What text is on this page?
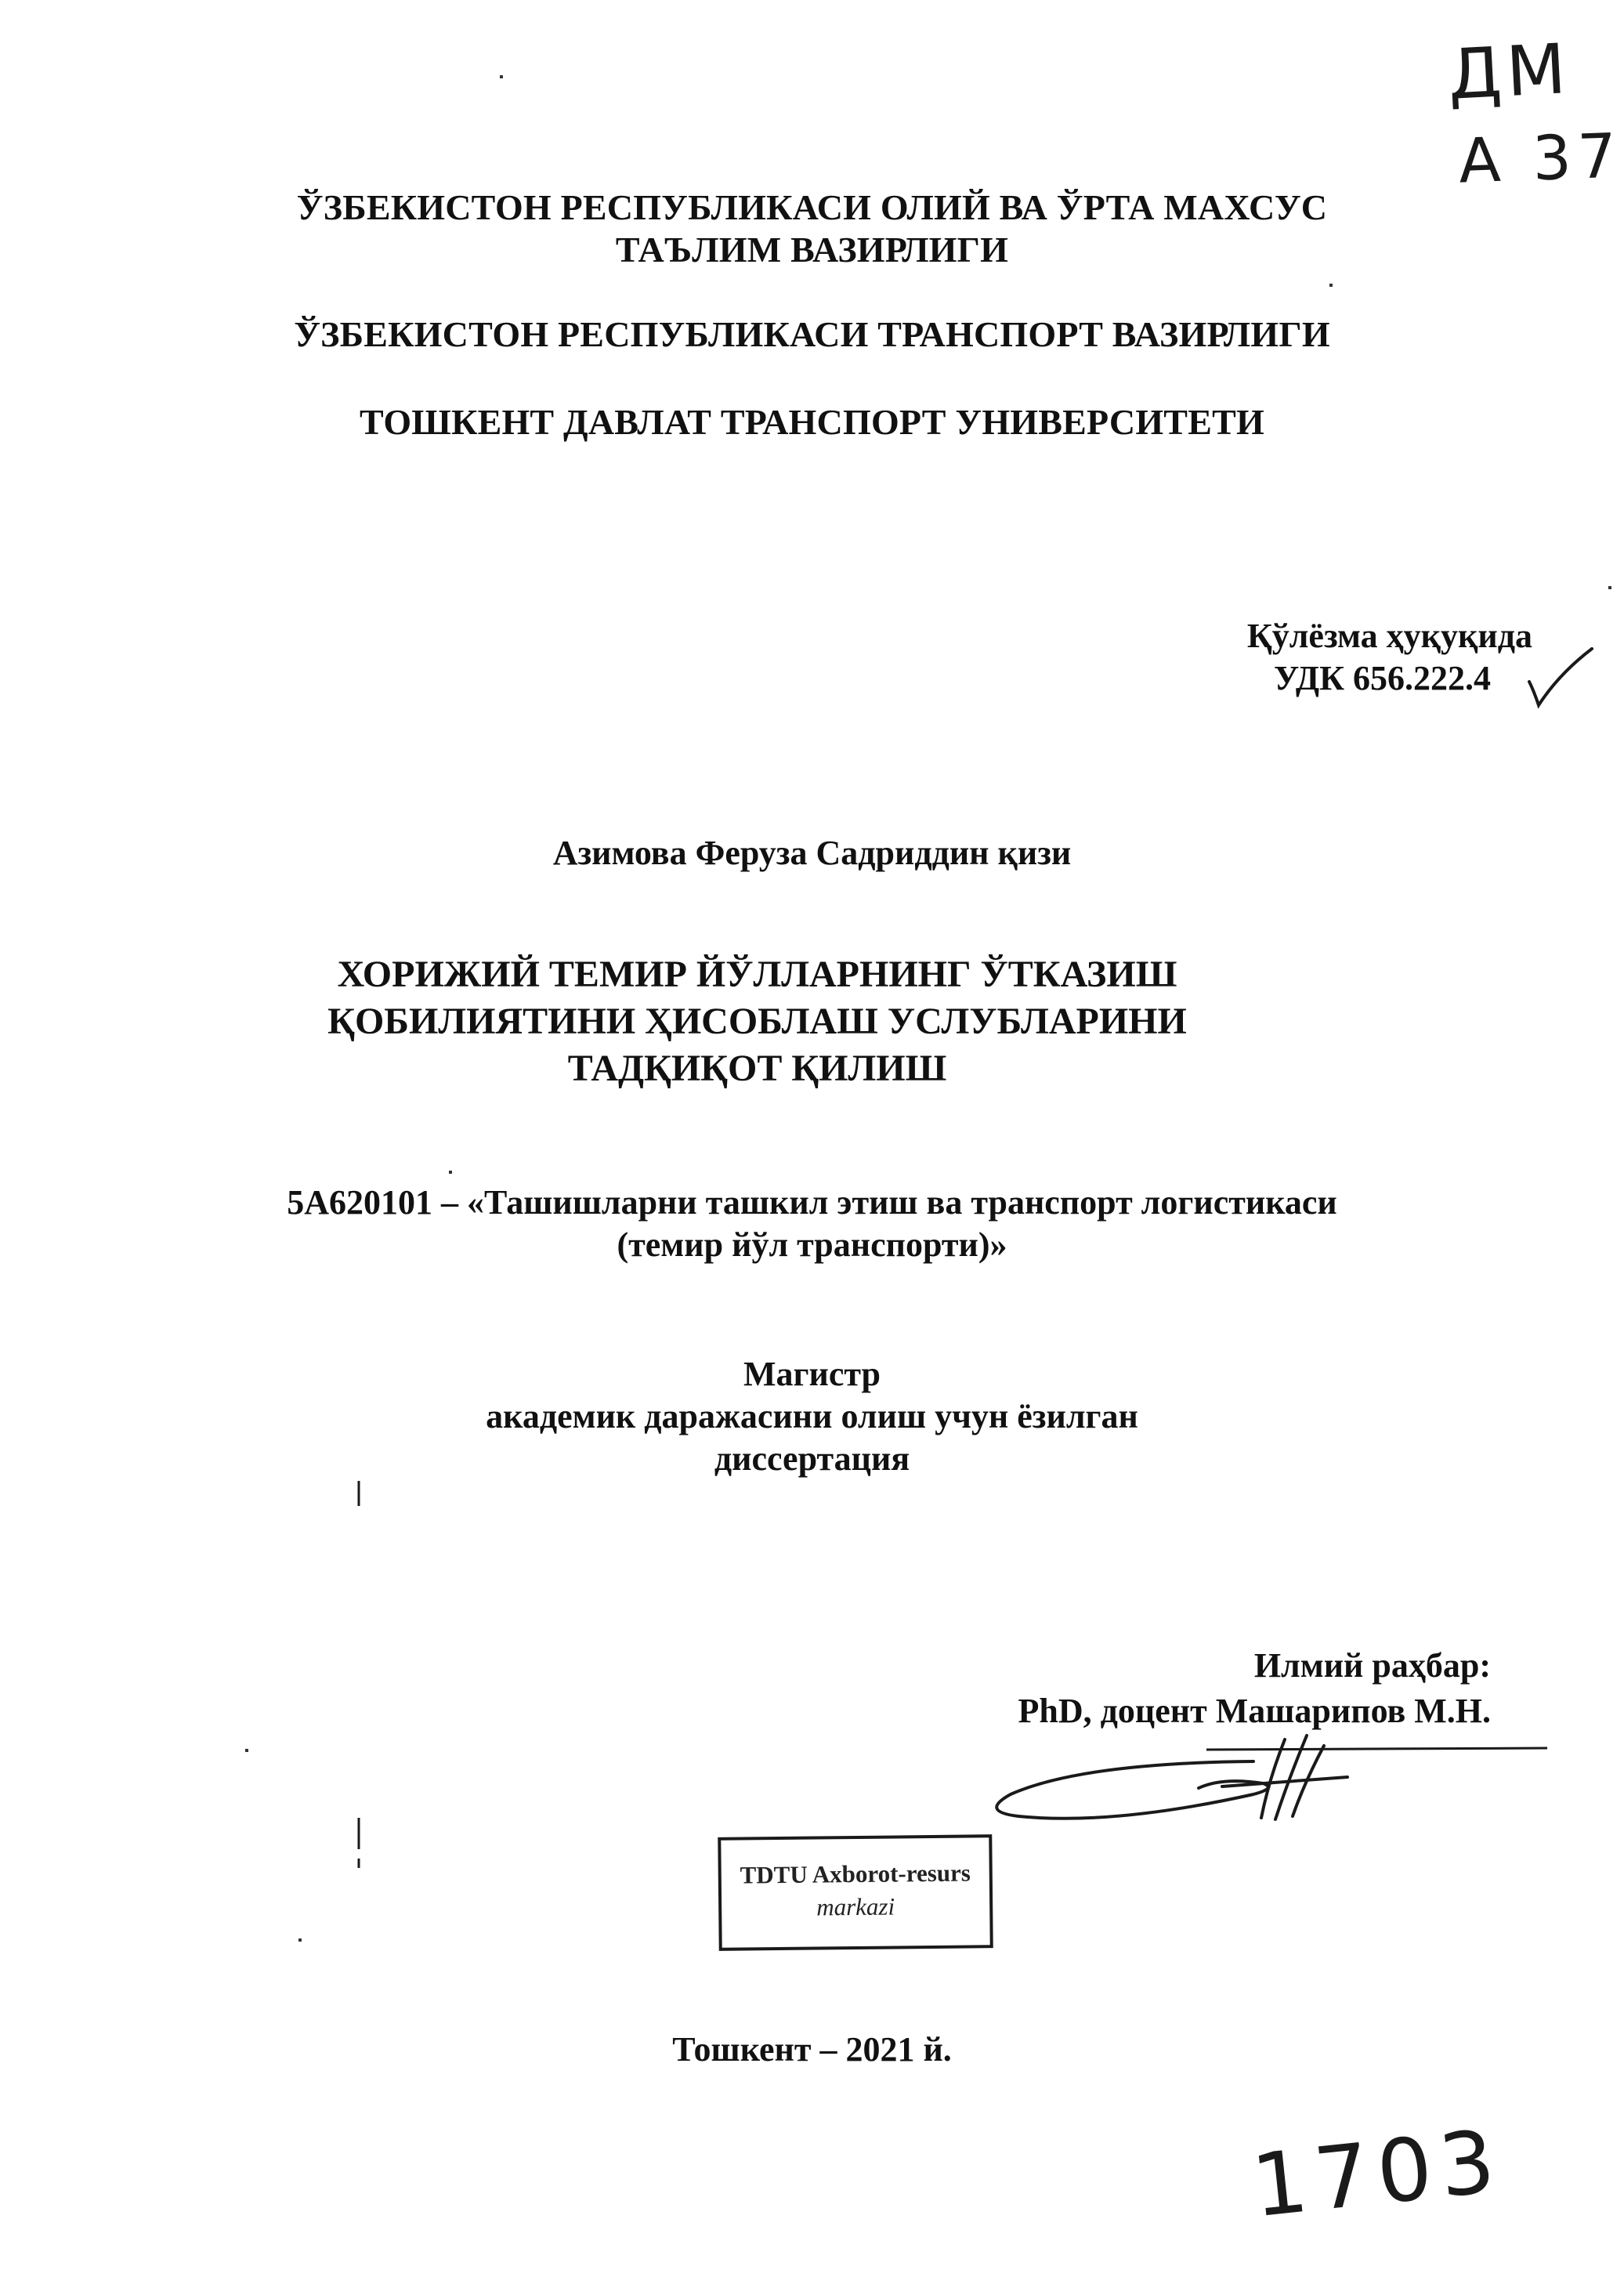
ЎЗБЕКИСТОН РЕСПУБЛИКАСИ ОЛИЙ ВА ЎРТА МАХСУС
ТАЪЛИМ ВАЗИРЛИГИ
ЎЗБЕКИСТОН РЕСПУБЛИКАСИ ТРАНСПОРТ ВАЗИРЛИГИ
ТОШКЕНТ ДАВЛАТ ТРАНСПОРТ УНИВЕРСИТЕТИ
Қўлёзма ҳуқуқида
УДК 656.222.4
Азимова Феруза Садриддин қизи
ХОРИЖИЙ ТЕМИР ЙЎЛЛАРНИНГ ЎТКАЗИШ
ҚОБИЛИЯТИНИ ҲИСОБЛАШ УСЛУБЛАРИНИ
ТАДҚИҚОТ ҚИЛИШ
5A620101 – «Ташишларни ташкил этиш ва транспорт логистикаси
(темир йўл транспорти)»
Магистр
академик даражасини олиш учун ёзилган
диссертация
Илмий раҳбар:
PhD, доцент Машарипов М.Н.
TDTU Axborot-resurs
markazi
Тошкент – 2021 й.
ДМ
А 37
1703
